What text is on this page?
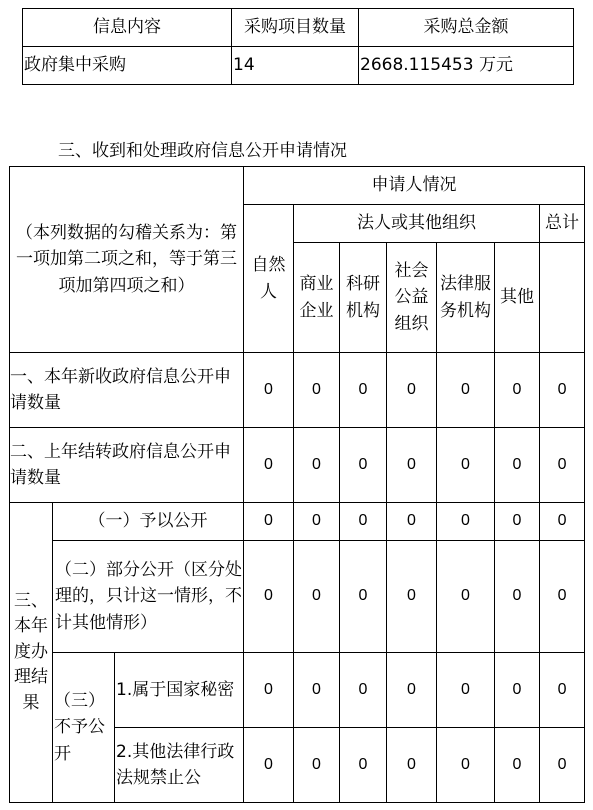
信息内容	采购项目数量	采购总金额
政府集中采购	14	2668.115453 万元
三、收到和处理政府信息公开申请情况
（本列数据的勾稽关系为：第一项加第二项之和，等于第三项加第四项之和）			申请人情况						
			自然人	法人或其他组织					总计
				商业企业	科研机构	社会公益组织	法律服务机构	其他	
一、本年新收政府信息公开申请数量			0	0	0	0	0	0	0
二、上年结转政府信息公开申请数量			0	0	0	0	0	0	0
三、本年度办理结果	（一）予以公开		0	0	0	0	0	0	0
	（二）部分公开（区分处理的，只计这一情形，不计其他情形）		0	0	0	0	0	0	0
	（三）不予公开	1.属于国家秘密	0	0	0	0	0	0	0
		2.其他法律行政法规禁止公	0	0	0	0	0	0	0
